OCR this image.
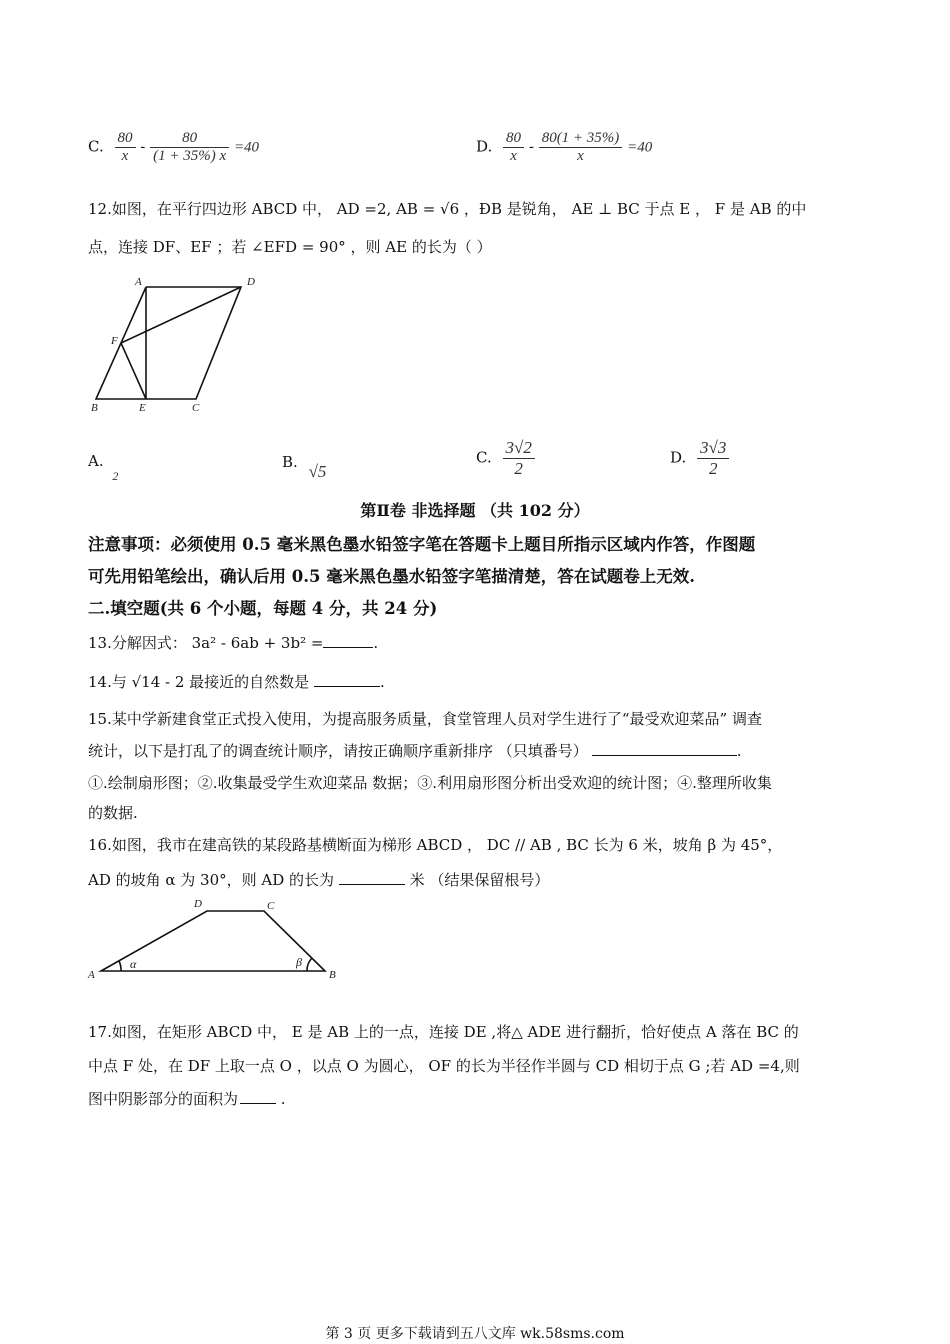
C. $\frac{80}{x} - \frac{80}{(1 + 35\%) x} =40$	D. $\frac{80}{x} - \frac{80(1 + 35\%)}{x} =40$
12.如图，在平行四边形 ABCD 中， AD =2, AB = √6 ，ÐB 是锐角， AE ⊥ BC 于点 E ， F 是 AB 的中
点，连接 DF、EF ；若 ∠EFD = 90° ，则 AE 的长为（ ）
A	D
F
B	E	C
A. $_2$
B. √5
C. $\frac{3√2}{2}$	D. $\frac{3√3}{2}$
第Ⅱ卷 非选择题 （共 102 分）
注意事项：必须使用 0.5 毫米黑色墨水铅签字笔在答题卡上题目所指示区域内作答，作图题
可先用铅笔绘出，确认后用 0.5 毫米黑色墨水铅签字笔描清楚，答在试题卷上无效.
二.填空题(共 6 个小题，每题 4 分，共 24 分)
13.分解因式： 3a² - 6ab + 3b² =	.
14.与 √14 - 2 最接近的自然数是	.
15.某中学新建食堂正式投入使用，为提高服务质量，食堂管理人员对学生进行了“最受欢迎菜品” 调查
统计，以下是打乱了的调查统计顺序，请按正确顺序重新排序 （只填番号）	.
①.绘制扇形图；②.收集最受学生欢迎菜品 数据；③.利用扇形图分析出受欢迎的统计图；④.整理所收集
的数据.
16.如图，我市在建高铁的某段路基横断面为梯形 ABCD ， DC // AB , BC 长为 6 米，坡角 β 为 45°，
AD 的坡角 α 为 30°，则 AD 的长为	米 （结果保留根号）
A	B
C
D
α	β
17.如图，在矩形 ABCD 中， E 是 AB 上的一点，连接 DE ,将△ ADE 进行翻折，恰好使点 A 落在 BC 的
中点 F 处，在 DF 上取一点 O ，以点 O 为圆心， OF 的长为半径作半圆与 CD 相切于点 G ;若 AD =4,则
图中阴影部分的面积为	.
第 3 页 更多下载请到五八文库 wk.58sms.com
